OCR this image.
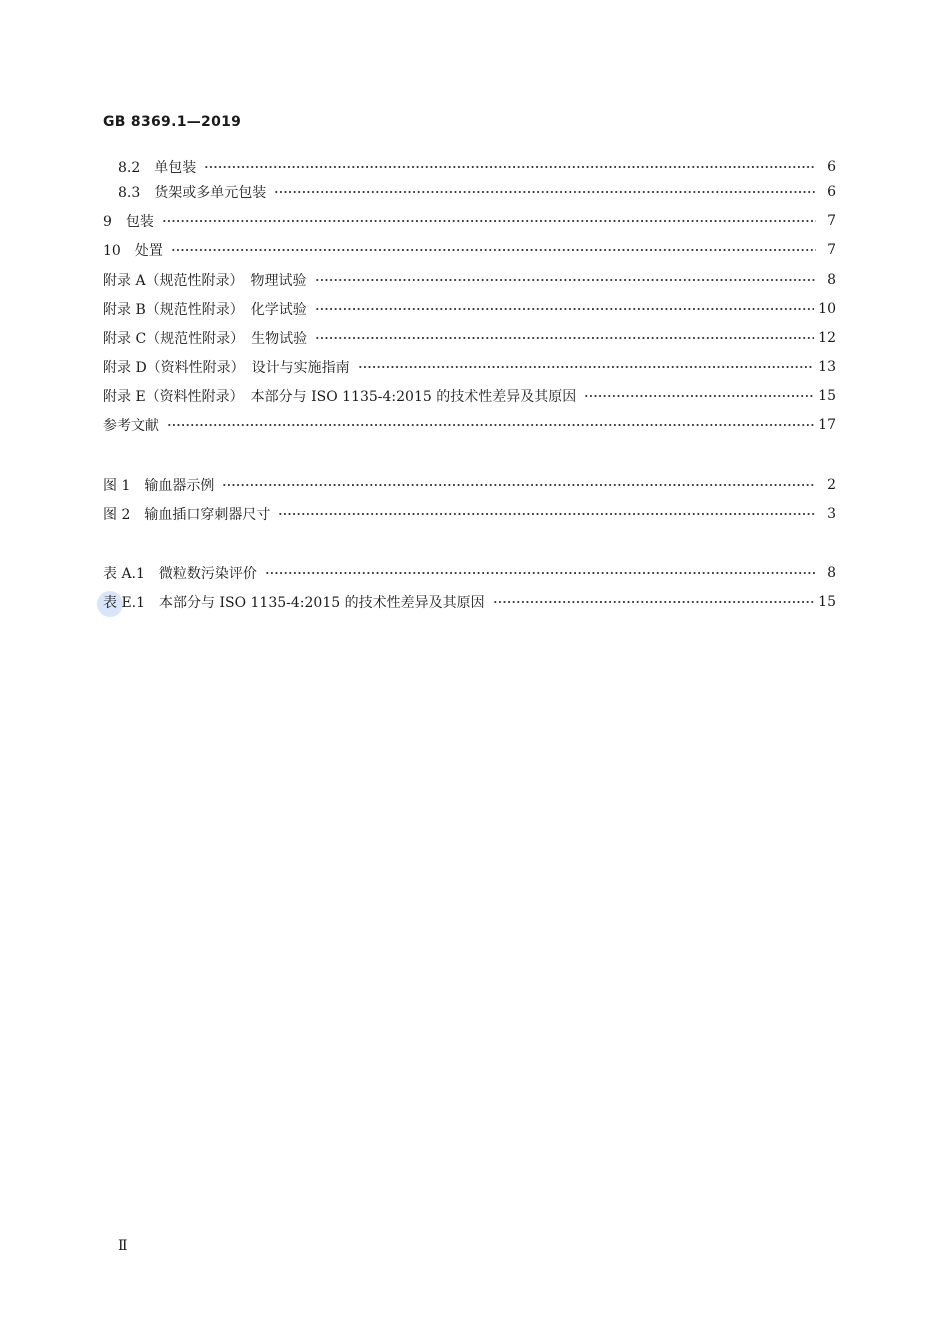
GB 8369.1—2019
8.2　单包装	6
8.3　货架或多单元包装	6
9　包装	7
10　处置	7
附录 A（规范性附录）　物理试验	8
附录 B（规范性附录）　化学试验	10
附录 C（规范性附录）　生物试验	12
附录 D（资料性附录）　设计与实施指南	13
附录 E（资料性附录）　本部分与 ISO 1135-4:2015 的技术性差异及其原因	15
参考文献	17
图 1　输血器示例	2
图 2　输血插口穿刺器尺寸	3
表 A.1　微粒数污染评价	8
表 E.1　本部分与 ISO 1135-4:2015 的技术性差异及其原因	15
Ⅱ
